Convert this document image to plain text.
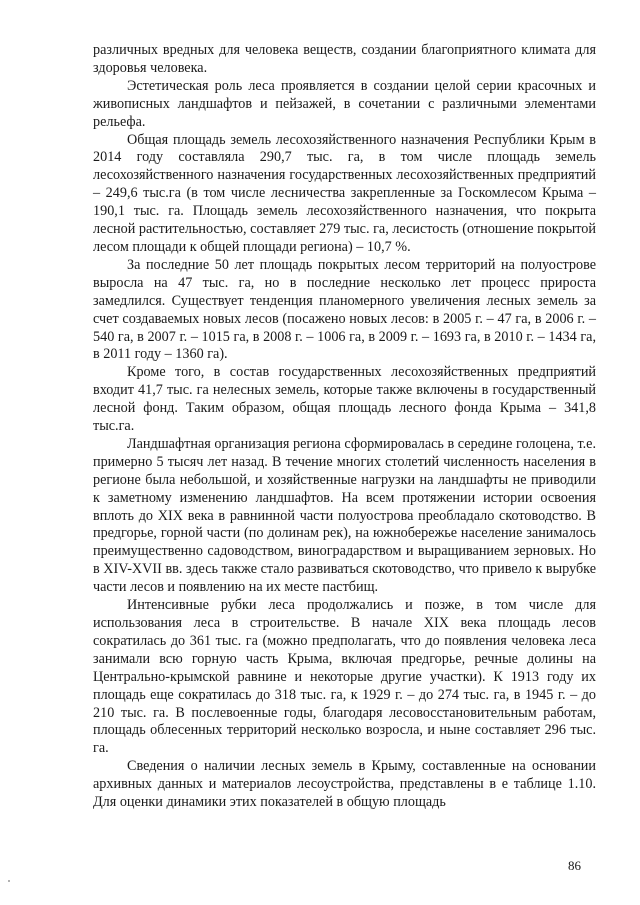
различных вредных для человека веществ, создании благоприятного климата для здоровья человека.

Эстетическая роль леса проявляется в создании целой серии красочных и живописных ландшафтов и пейзажей, в сочетании с различными элементами рельефа.

Общая площадь земель лесохозяйственного назначения Республики Крым в 2014 году составляла 290,7 тыс. га, в том числе площадь земель лесохозяйственного назначения государственных лесохозяйственных предприятий – 249,6 тыс.га (в том числе лесничества закрепленные за Госкомлесом Крыма – 190,1 тыс. га. Площадь земель лесохозяйственного назначения, что покрыта лесной растительностью, составляет 279 тыс. га, лесистость (отношение покрытой лесом площади к общей площади региона) – 10,7 %.

За последние 50 лет площадь покрытых лесом территорий на полуострове выросла на 47 тыс. га, но в последние несколько лет процесс прироста замедлился. Существует тенденция планомерного увеличения лесных земель за счет создаваемых новых лесов (посажено новых лесов: в 2005 г. – 47 га, в 2006 г. – 540 га, в 2007 г. – 1015 га, в 2008 г. – 1006 га, в 2009 г. – 1693 га, в 2010 г. – 1434 га, в 2011 году – 1360 га).

Кроме того, в состав государственных лесохозяйственных предприятий входит 41,7 тыс. га нелесных земель, которые также включены в государственный лесной фонд. Таким образом, общая площадь лесного фонда Крыма – 341,8 тыс.га.

Ландшафтная организация региона сформировалась в середине голоцена, т.е. примерно 5 тысяч лет назад. В течение многих столетий численность населения в регионе была небольшой, и хозяйственные нагрузки на ландшафты не приводили к заметному изменению ландшафтов. На всем протяжении истории освоения вплоть до XIX века в равнинной части полуострова преобладало скотоводство. В предгорье, горной части (по долинам рек), на южнобережье население занималось преимущественно садоводством, виноградарством и выращиванием зерновых. Но в XIV-XVII вв. здесь также стало развиваться скотоводство, что привело к вырубке части лесов и появлению на их месте пастбищ.

Интенсивные рубки леса продолжались и позже, в том числе для использования леса в строительстве. В начале XIX века площадь лесов сократилась до 361 тыс. га (можно предполагать, что до появления человека леса занимали всю горную часть Крыма, включая предгорье, речные долины на Центрально-крымской равнине и некоторые другие участки). К 1913 году их площадь еще сократилась до 318 тыс. га, к 1929 г. – до 274 тыс. га, в 1945 г. – до 210 тыс. га. В послевоенные годы, благодаря лесовосстановительным работам, площадь облесенных территорий несколько возросла, и ныне составляет 296 тыс. га.

Сведения о наличии лесных земель в Крыму, составленные на основании архивных данных и материалов лесоустройства, представлены в е таблице 1.10. Для оценки динамики этих показателей в общую площадь

86
